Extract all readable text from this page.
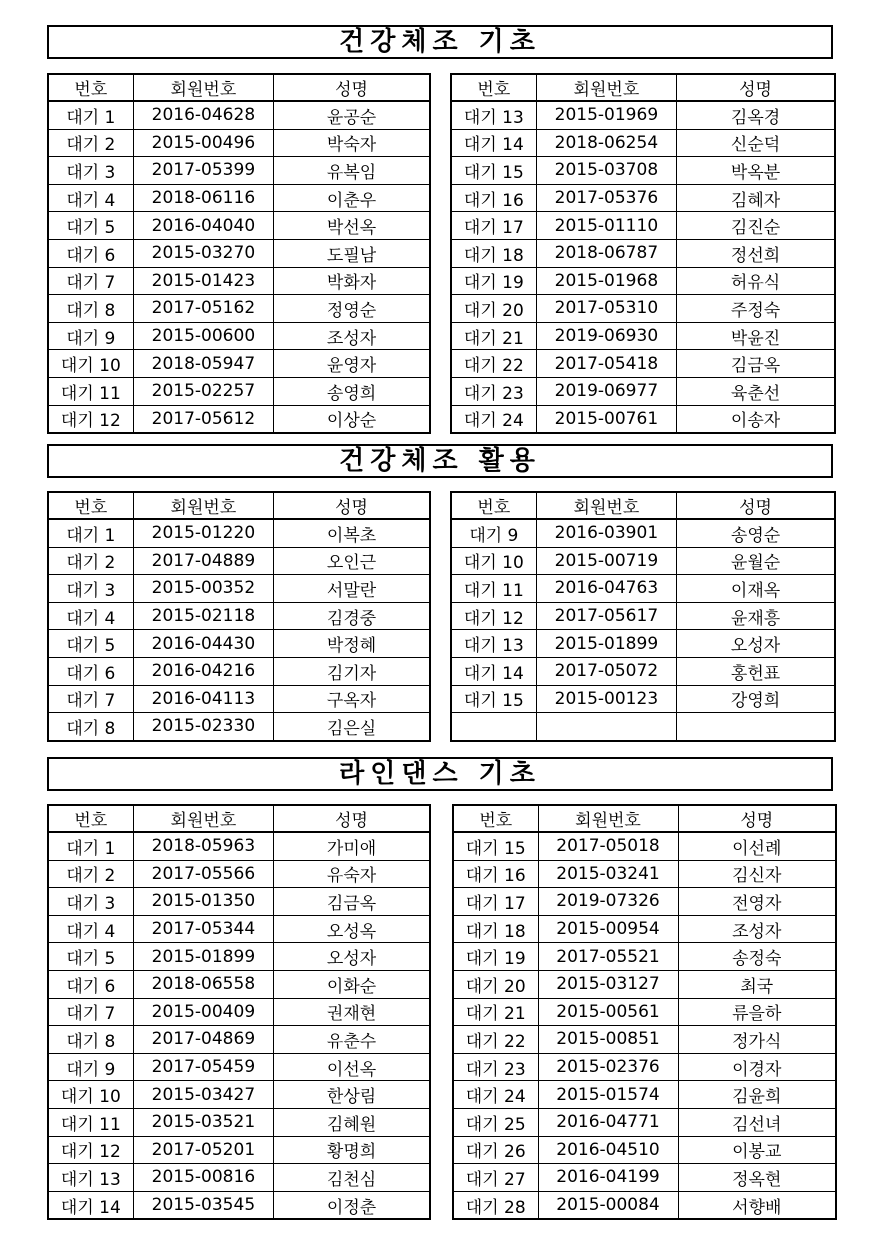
건강체조 기초
번호	회원번호	성명
대기 1	2016-04628	윤공순
대기 2	2015-00496	박숙자
대기 3	2017-05399	유복임
대기 4	2018-06116	이춘우
대기 5	2016-04040	박선옥
대기 6	2015-03270	도필남
대기 7	2015-01423	박화자
대기 8	2017-05162	정영순
대기 9	2015-00600	조성자
대기 10	2018-05947	윤영자
대기 11	2015-02257	송영희
대기 12	2017-05612	이상순
번호	회원번호	성명
대기 13	2015-01969	김옥경
대기 14	2018-06254	신순덕
대기 15	2015-03708	박옥분
대기 16	2017-05376	김혜자
대기 17	2015-01110	김진순
대기 18	2018-06787	정선희
대기 19	2015-01968	허유식
대기 20	2017-05310	주정숙
대기 21	2019-06930	박윤진
대기 22	2017-05418	김금옥
대기 23	2019-06977	육춘선
대기 24	2015-00761	이송자
건강체조 활용
번호	회원번호	성명
대기 1	2015-01220	이복초
대기 2	2017-04889	오인근
대기 3	2015-00352	서말란
대기 4	2015-02118	김경중
대기 5	2016-04430	박정혜
대기 6	2016-04216	김기자
대기 7	2016-04113	구옥자
대기 8	2015-02330	김은실
번호	회원번호	성명
대기 9	2016-03901	송영순
대기 10	2015-00719	윤월순
대기 11	2016-04763	이재옥
대기 12	2017-05617	윤재흥
대기 13	2015-01899	오성자
대기 14	2017-05072	홍헌표
대기 15	2015-00123	강영희

라인댄스 기초
번호	회원번호	성명
대기 1	2018-05963	가미애
대기 2	2017-05566	유숙자
대기 3	2015-01350	김금옥
대기 4	2017-05344	오성옥
대기 5	2015-01899	오성자
대기 6	2018-06558	이화순
대기 7	2015-00409	권재현
대기 8	2017-04869	유춘수
대기 9	2017-05459	이선옥
대기 10	2015-03427	한상림
대기 11	2015-03521	김혜원
대기 12	2017-05201	황명희
대기 13	2015-00816	김천심
대기 14	2015-03545	이정춘
번호	회원번호	성명
대기 15	2017-05018	이선례
대기 16	2015-03241	김신자
대기 17	2019-07326	전영자
대기 18	2015-00954	조성자
대기 19	2017-05521	송정숙
대기 20	2015-03127	최국
대기 21	2015-00561	류을하
대기 22	2015-00851	정가식
대기 23	2015-02376	이경자
대기 24	2015-01574	김윤희
대기 25	2016-04771	김선녀
대기 26	2016-04510	이봉교
대기 27	2016-04199	정옥현
대기 28	2015-00084	서향배
